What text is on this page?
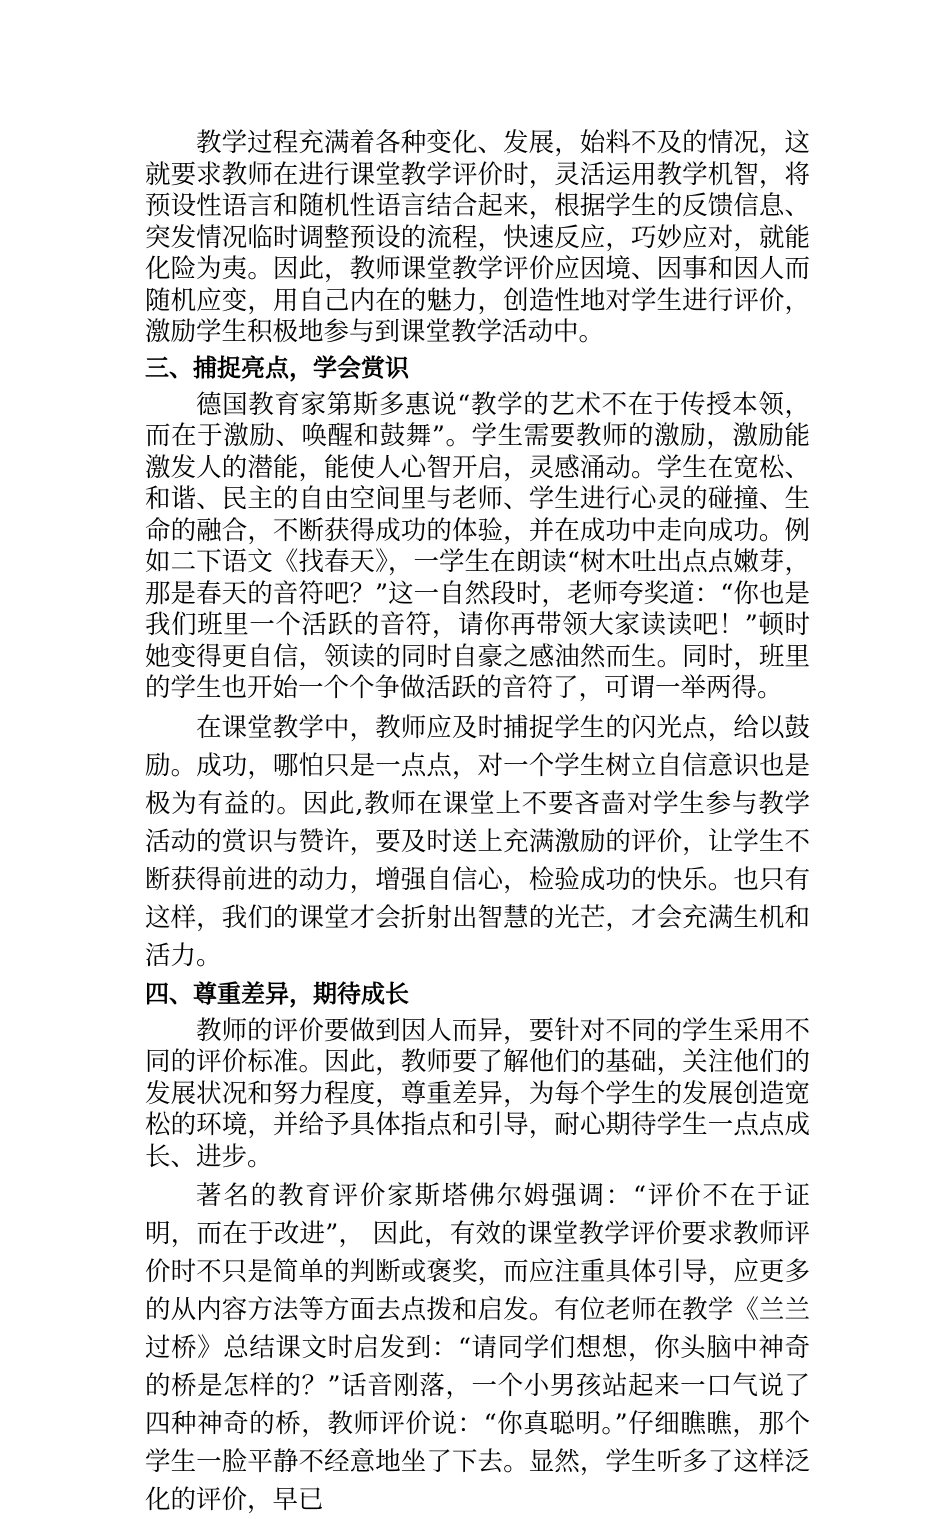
教学过程充满着各种变化、发展，始料不及的情况，这就要求教师在进行课堂教学评价时，灵活运用教学机智，将预设性语言和随机性语言结合起来，根据学生的反馈信息、突发情况临时调整预设的流程，快速反应，巧妙应对，就能化险为夷。因此，教师课堂教学评价应因境、因事和因人而随机应变，用自己内在的魅力，创造性地对学生进行评价，激励学生积极地参与到课堂教学活动中。

三、捕捉亮点，学会赏识

德国教育家第斯多惠说“教学的艺术不在于传授本领，而在于激励、唤醒和鼓舞”。学生需要教师的激励，激励能激发人的潜能，能使人心智开启，灵感涌动。学生在宽松、和谐、民主的自由空间里与老师、学生进行心灵的碰撞、生命的融合，不断获得成功的体验，并在成功中走向成功。例如二下语文《找春天》，一学生在朗读“树木吐出点点嫩芽，那是春天的音符吧？”这一自然段时，老师夸奖道：“你也是我们班里一个活跃的音符，请你再带领大家读读吧！”顿时她变得更自信，领读的同时自豪之感油然而生。同时，班里的学生也开始一个个争做活跃的音符了，可谓一举两得。

在课堂教学中，教师应及时捕捉学生的闪光点，给以鼓励。成功，哪怕只是一点点，对一个学生树立自信意识也是极为有益的。因此,教师在课堂上不要吝啬对学生参与教学活动的赏识与赞许，要及时送上充满激励的评价，让学生不断获得前进的动力，增强自信心，检验成功的快乐。也只有这样，我们的课堂才会折射出智慧的光芒，才会充满生机和活力。

四、尊重差异，期待成长

教师的评价要做到因人而异，要针对不同的学生采用不同的评价标准。因此，教师要了解他们的基础，关注他们的发展状况和努力程度，尊重差异，为每个学生的发展创造宽松的环境，并给予具体指点和引导，耐心期待学生一点点成长、进步。

著名的教育评价家斯塔佛尔姆强调：“评价不在于证明，而在于改进”， 因此，有效的课堂教学评价要求教师评价时不只是简单的判断或褒奖，而应注重具体引导，应更多的从内容方法等方面去点拨和启发。有位老师在教学《兰兰过桥》总结课文时启发到：“请同学们想想，你头脑中神奇的桥是怎样的？”话音刚落，一个小男孩站起来一口气说了四种神奇的桥，教师评价说：“你真聪明。”仔细瞧瞧，那个学生一脸平静不经意地坐了下去。显然，学生听多了这样泛化的评价，早已
